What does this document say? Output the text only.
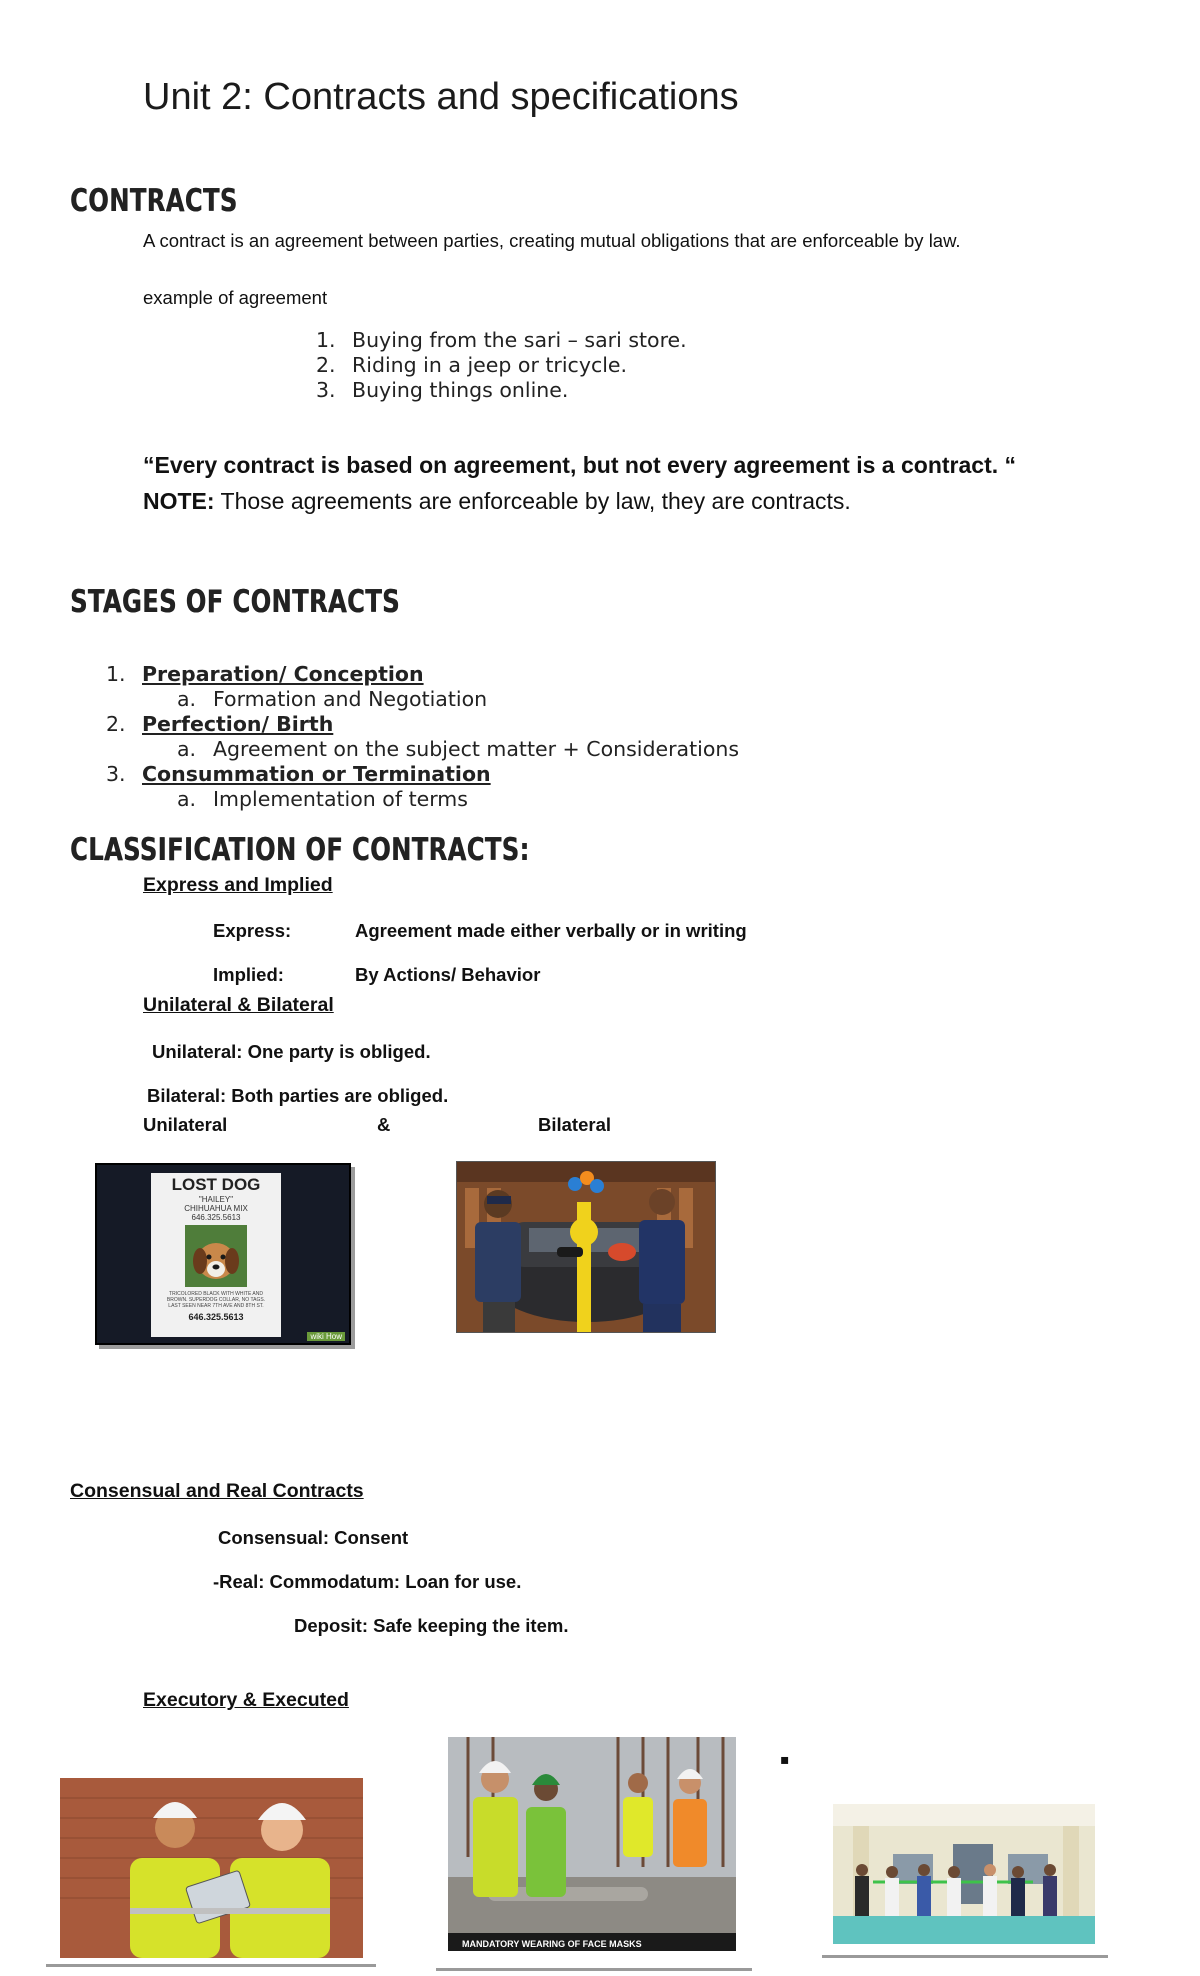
Unit 2: Contracts and specifications
CONTRACTS
A contract is an agreement between parties, creating mutual obligations that are enforceable by law.
example of agreement
1. Buying from the sari – sari store.
2. Riding in a jeep or tricycle.
3. Buying things online.
“Every contract is based on agreement, but not every agreement is a contract. “
NOTE: Those agreements are enforceable by law, they are contracts.
STAGES OF CONTRACTS
1. Preparation/ Conception
a. Formation and Negotiation
2. Perfection/ Birth
a. Agreement on the subject matter + Considerations
3. Consummation or Termination
a. Implementation of terms
CLASSIFICATION OF CONTRACTS:
Express and Implied
Express:	Agreement made either verbally or in writing
Implied:	By Actions/ Behavior
Unilateral & Bilateral
Unilateral: One party is obliged.
Bilateral: Both parties are obliged.
Unilateral	&	Bilateral
LOST DOG
"HAILEY"
CHIHUAHUA MIX
646.325.5613
TRICOLORED BLACK WITH WHITE AND BROWN. SUPERDOG COLLAR, NO TAGS. LAST SEEN NEAR 7TH AVE AND 8TH ST.
646.325.5613
wiki How
Consensual and Real Contracts
Consensual: Consent
-Real: Commodatum: Loan for use.
Deposit: Safe keeping the item.
Executory & Executed
▪
MANDATORY WEARING OF FACE MASKS
